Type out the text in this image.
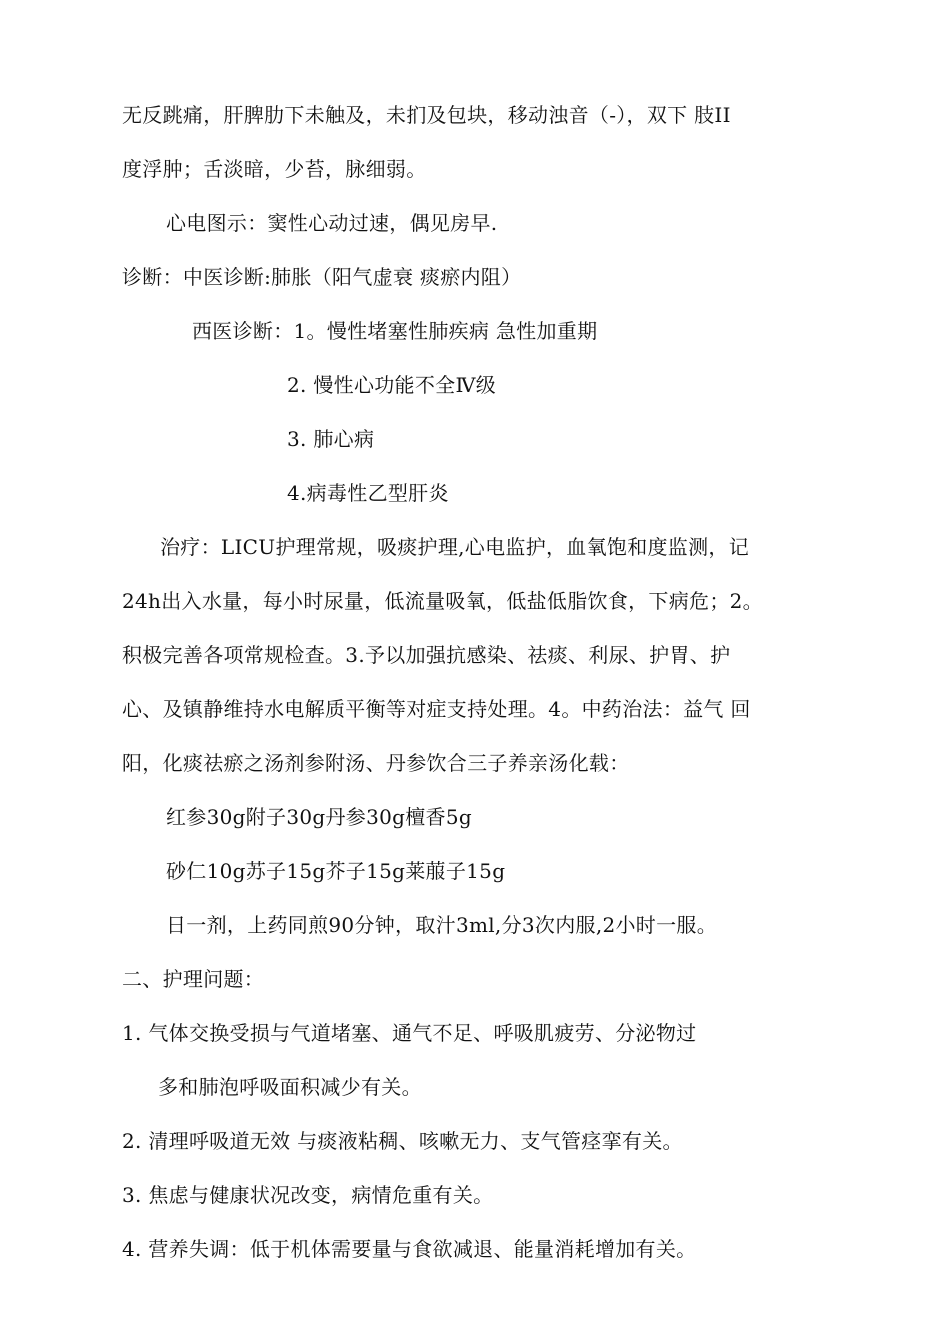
无反跳痛，肝脾肋下未触及，未扪及包块，移动浊音（-），双下 肢II
度浮肿；舌淡暗，少苔，脉细弱。
心电图示：窦性心动过速，偶见房早.
诊断：中医诊断:肺胀（阳气虚衰 痰瘀内阻）
西医诊断：1。慢性堵塞性肺疾病 急性加重期
2. 慢性心功能不全Ⅳ级
3. 肺心病
4.病毒性乙型肝炎
治疗：LICU护理常规，吸痰护理,心电监护，血氧饱和度监测，记
24h出入水量，每小时尿量，低流量吸氧，低盐低脂饮食，下病危；2。
积极完善各项常规检查。3.予以加强抗感染、祛痰、利尿、护胃、护
心、及镇静维持水电解质平衡等对症支持处理。4。中药治法：益气 回
阳，化痰祛瘀之汤剂参附汤、丹参饮合三子养亲汤化载：
红参30g附子30g丹参30g檀香5g
砂仁10g苏子15g芥子15g莱菔子15g
日一剂，上药同煎90分钟，取汁3ml,分3次内服,2小时一服。
二、护理问题：
1. 气体交换受损与气道堵塞、通气不足、呼吸肌疲劳、分泌物过
多和肺泡呼吸面积减少有关。
2. 清理呼吸道无效 与痰液粘稠、咳嗽无力、支气管痉挛有关。
3. 焦虑与健康状况改变，病情危重有关。
4. 营养失调：低于机体需要量与食欲减退、能量消耗增加有关。
